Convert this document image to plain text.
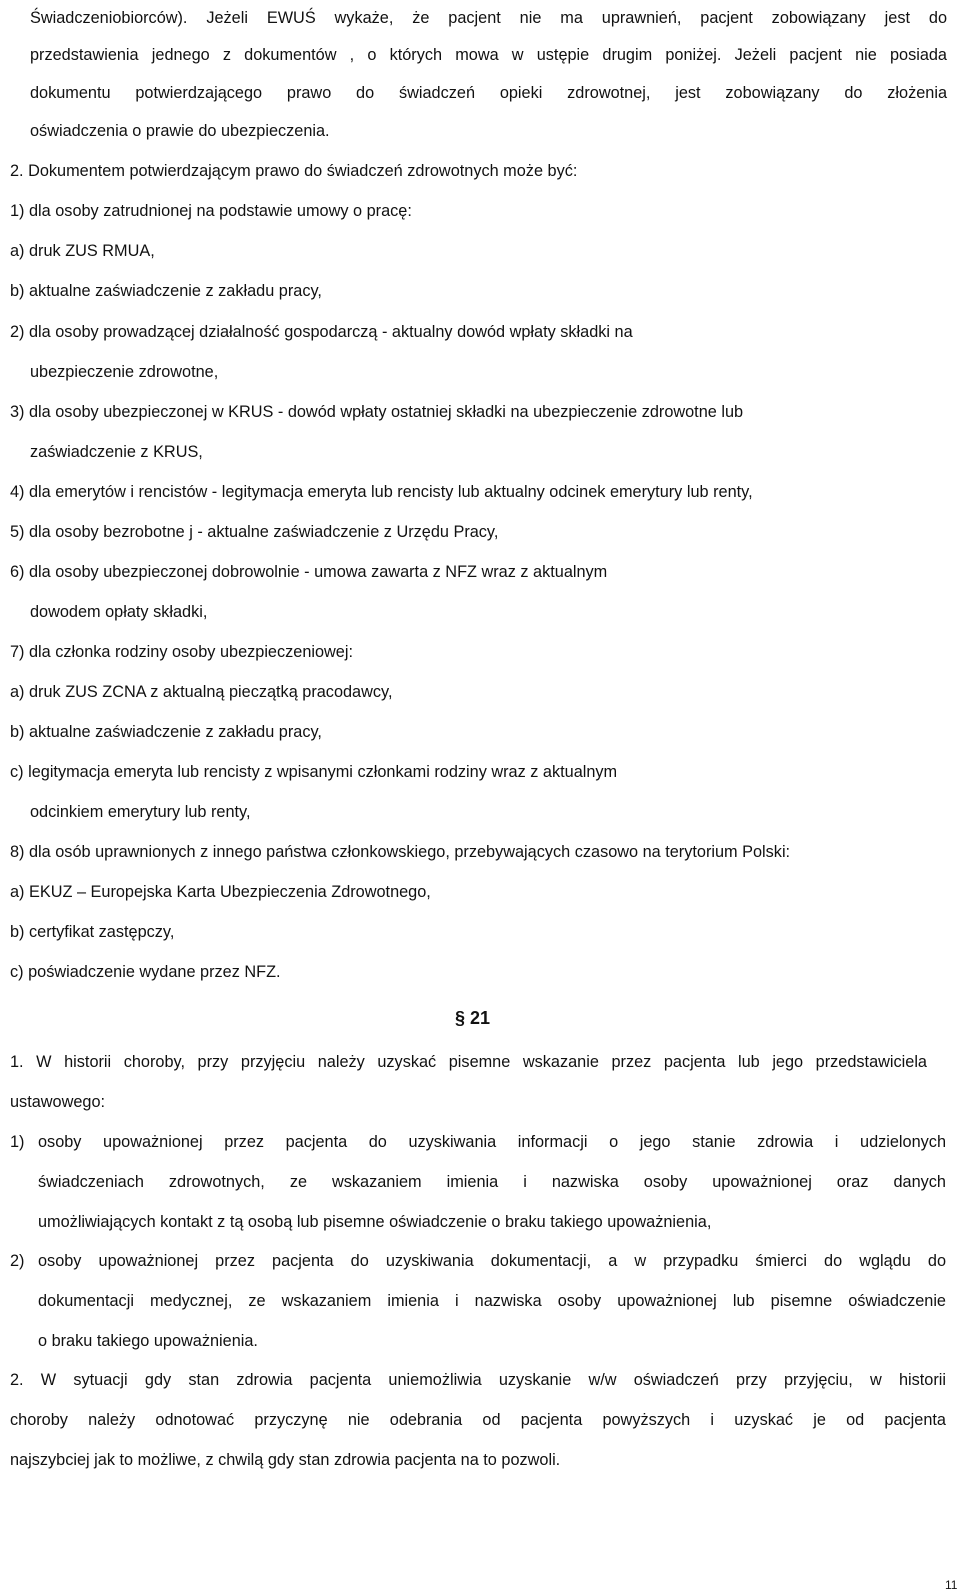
Świadczeniobiorców). Jeżeli EWUŚ wykaże, że pacjent nie ma uprawnień, pacjent zobowiązany jest do
przedstawienia jednego z dokumentów , o których mowa w ustępie drugim poniżej. Jeżeli pacjent nie posiada
dokumentu potwierdzającego prawo do świadczeń opieki zdrowotnej, jest zobowiązany do złożenia
oświadczenia o prawie do ubezpieczenia.
2. Dokumentem potwierdzającym prawo do świadczeń zdrowotnych może być:
1) dla osoby zatrudnionej na podstawie umowy o pracę:
a) druk ZUS RMUA,
b) aktualne zaświadczenie z zakładu pracy,
2) dla osoby prowadzącej działalność gospodarczą - aktualny dowód wpłaty składki na
ubezpieczenie zdrowotne,
3) dla osoby ubezpieczonej w KRUS - dowód wpłaty ostatniej składki na ubezpieczenie zdrowotne lub
zaświadczenie z KRUS,
4) dla emerytów i rencistów - legitymacja emeryta lub rencisty lub aktualny odcinek emerytury lub renty,
5) dla osoby bezrobotne j - aktualne zaświadczenie z Urzędu Pracy,
6) dla osoby ubezpieczonej dobrowolnie - umowa zawarta z NFZ wraz z aktualnym
dowodem opłaty składki,
7) dla członka rodziny osoby ubezpieczeniowej:
a) druk ZUS ZCNA z aktualną pieczątką pracodawcy,
b) aktualne zaświadczenie z zakładu pracy,
c) legitymacja emeryta lub rencisty z wpisanymi członkami rodziny wraz z aktualnym
odcinkiem emerytury lub renty,
8) dla osób uprawnionych z innego państwa członkowskiego, przebywających czasowo na terytorium Polski:
a) EKUZ – Europejska Karta Ubezpieczenia Zdrowotnego,
b) certyfikat zastępczy,
c) poświadczenie wydane przez NFZ.
§ 21
1. W historii choroby, przy przyjęciu należy uzyskać pisemne wskazanie przez pacjenta lub jego przedstawiciela
ustawowego:
1) osoby upoważnionej przez pacjenta do uzyskiwania informacji o jego stanie zdrowia i udzielonych
świadczeniach zdrowotnych, ze wskazaniem imienia i nazwiska osoby upoważnionej oraz danych
umożliwiających kontakt z tą osobą lub pisemne oświadczenie o braku takiego upoważnienia,
2) osoby upoważnionej przez pacjenta do uzyskiwania dokumentacji, a w przypadku śmierci do wglądu do
dokumentacji medycznej, ze wskazaniem imienia i nazwiska osoby upoważnionej lub pisemne oświadczenie
o braku takiego upoważnienia.
2. W sytuacji gdy stan zdrowia pacjenta uniemożliwia uzyskanie w/w oświadczeń przy przyjęciu, w historii
choroby należy odnotować przyczynę nie odebrania od pacjenta powyższych i uzyskać je od pacjenta
najszybciej jak to możliwe, z chwilą gdy stan zdrowia pacjenta na to pozwoli.
11
